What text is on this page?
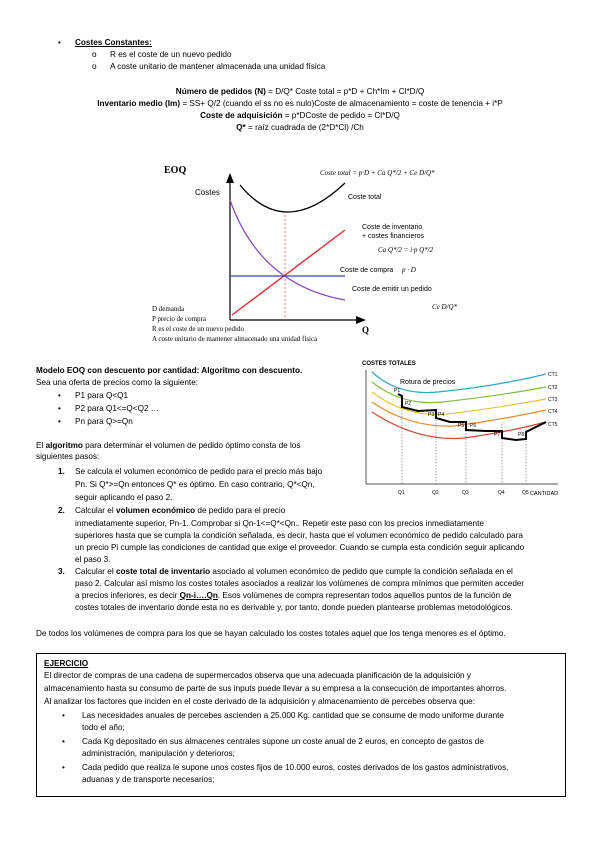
• Costes Constantes:
o R es el coste de un nuevo pedido
o A coste unitario de mantener almacenada una unidad física
Número de pedidos (N) = D/Q* Coste total = p*D + Ch*Im + Cl*D/Q
Inventario medio (Im) = SS+ Q/2 (cuando el ss no es nulo)Coste de almacenamiento = coste de tenencia + i*P
Coste de adquisición = p*DCoste de pedido = Cl*D/Q
Q* = raíz cuadrada de (2*D*Cl) /Ch
EOQ
Costes
Q
Coste total = p·D + Ca Q*/2 + Ce D/Q*
Coste total
Coste de inventario
+ costes financieros
Ca Q*/2 = i·p Q*/2
Coste de compra p · D
Coste de emitir un pedido
Ce D/Q*
D demanda
P precio de compra
R es el coste de un nuevo pedido
A coste unitario de mantener almacenado una unidad física
COSTES TOTALES
CANTIDAD
Rotura de precios
CT1
CT2
CT3
CT4
CT5
P1
P2
P3 P4
P5 P6
P7	P8
Q1	Q2	Q3	Q4	Q5
Modelo EOQ con descuento por cantidad: Algoritmo con descuento.
Sea una oferta de precios como la siguiente:
• P1 para Q<Q1
• P2 para Q1<=Q<Q2 …
• Pn para Q>=Qn
El algoritmo para determinar el volumen de pedido óptimo consta de los
siguientes pasos:
1.	Se calcula el volumen económico de pedido para el precio más bajo
Pn. Si Q*>=Qn entonces Q* es óptimo. En caso contrario, Q*<Qn,
seguir aplicando el paso 2.
2.	Calcular el volumen económico de pedido para el precio
inmediatamente superior, Pn-1. Comprobar si Qn-1<=Q*<Qn.. Repetir este paso con los precios inmediatamente
superiores hasta que se cumpla la condición señalada, es decir, hasta que el volumen económico de pedido calculado para
un precio Pi cumple las condiciones de cantidad que exige el proveedor. Cuando se cumpla esta condición seguir aplicando
el paso 3.
3.	Calcular el coste total de inventario asociado al volumen económico de pedido que cumple la condición señalada en el
paso 2. Calcular así mismo los costes totales asociados a realizar los volúmenes de compra mínimos que permiten acceder
a precios inferiores, es decir Qn-i….Qn. Esos volúmenes de compra representan todos aquellos puntos de la función de
costes totales de inventario donde esta no es derivable y, por tanto, donde pueden plantearse problemas metodológicos.
De todos los volúmenes de compra para los que se hayan calculado los costes totales aquel que los tenga menores es el óptimo.
EJERCICIO
El director de compras de una cadena de supermercados observa que una adecuada planificación de la adquisición y
almacenamiento hasta su consumo de parte de sus inputs puede llevar a su empresa a la consecución de importantes ahorros.
Al analizar los factores que inciden en el coste derivado de la adquisición y almacenamiento de percebes observa que:
• Las necesidades anuales de percebes ascienden a 25.000 Kg. cantidad que se consume de modo uniforme durante
todo el año;
• Cada Kg depositado en sus almacenes centrales supone un coste anual de 2 euros, en concepto de gastos de
administración, manipulación y deterioros;
• Cada pedido que realiza le supone unos costes fijos de 10.000 euros, costes derivados de los gastos administrativos,
aduanas y de transporte necesarios;
